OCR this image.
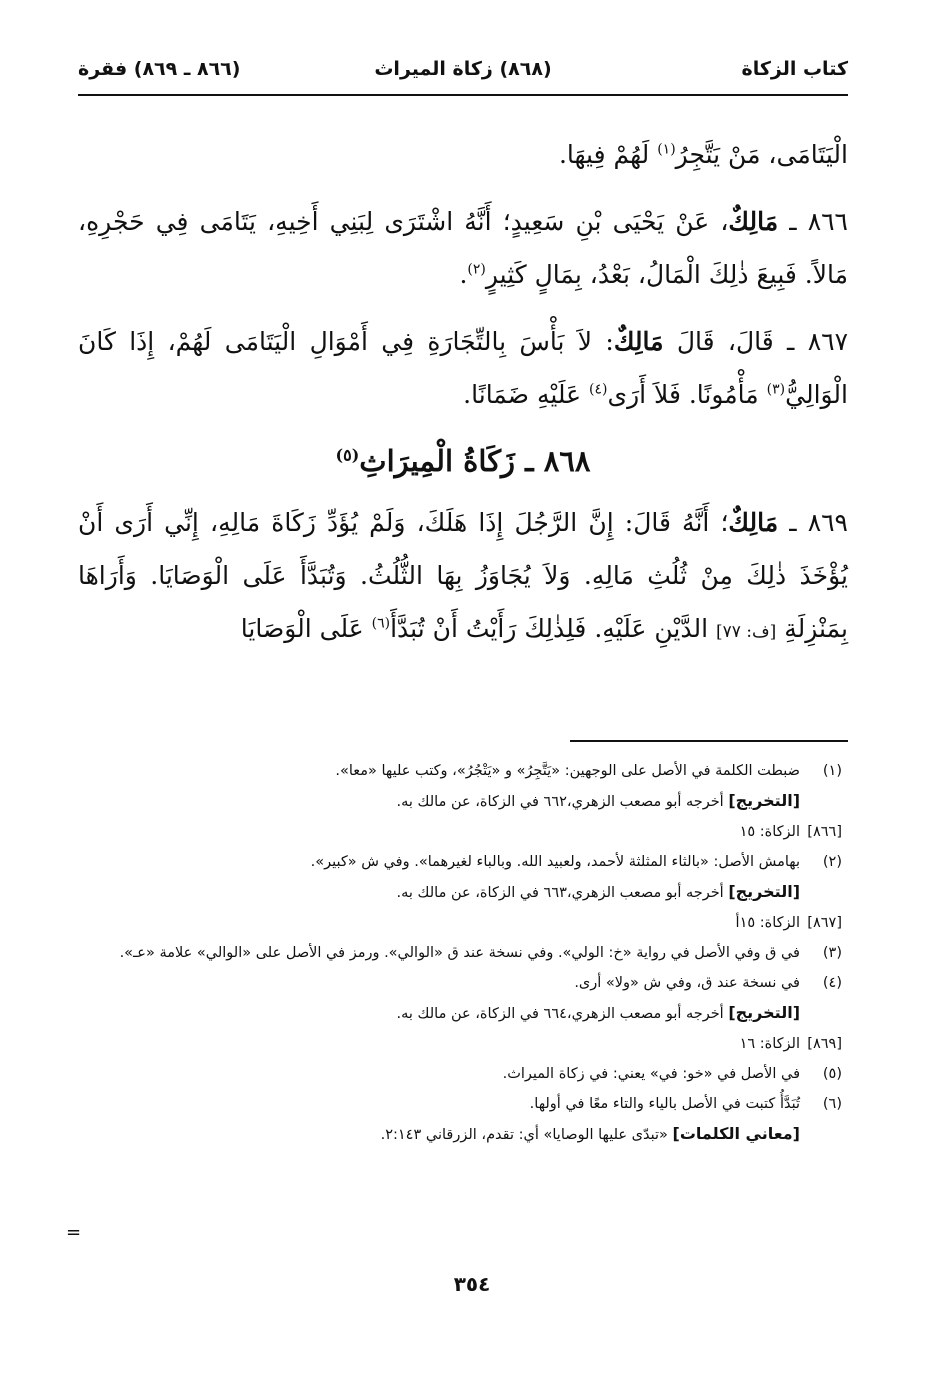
كتاب الزكاة
(٨٦٨) زكاة الميراث
(٨٦٦ ـ ٨٦٩) فقرة

الْيَتَامَى، مَنْ يَتَّجِرُ$^{(١)}$ لَهُمْ فِيهَا.

٨٦٦ ـ مَالِكٌ، عَنْ يَحْيَى بْنِ سَعِيدٍ؛ أَنَّهُ اشْتَرَى لِبَنِي أَخِيهِ، يَتَامَى فِي حَجْرِهِ، مَالاً. فَبِيعَ ذٰلِكَ الْمَالُ، بَعْدُ، بِمَالٍ كَثِيرٍ$^{(٢)}$.

٨٦٧ ـ قَالَ، قَالَ مَالِكٌ: لاَ بَأْسَ بِالتِّجَارَةِ فِي أَمْوَالِ الْيَتَامَى لَهُمْ، إِذَا كَانَ الْوَالِيُّ$^{(٣)}$ مَأْمُونًا. فَلاَ أَرَى$^{(٤)}$ عَلَيْهِ ضَمَانًا.

٨٦٨ ـ زَكَاةُ الْمِيرَاثِ$^{(٥)}$

٨٦٩ ـ مَالِكٌ؛ أَنَّهُ قَالَ: إِنَّ الرَّجُلَ إِذَا هَلَكَ، وَلَمْ يُؤَدِّ زَكَاةَ مَالِهِ، إِنِّي أَرَى أَنْ يُؤْخَذَ ذٰلِكَ مِنْ ثُلُثِ مَالِهِ. وَلاَ يُجَاوَزُ بِهَا الثُّلُثُ. وَتُبَدَّأَ عَلَى الْوَصَايَا. وَأَرَاهَا بِمَنْزِلَةِ [ف: ٧٧] الدَّيْنِ عَلَيْهِ. فَلِذٰلِكَ رَأَيْتُ أَنْ تُبَدَّأَ$^{(٦)}$ عَلَى الْوَصَايَا

(١)
ضبطت الكلمة في الأصل على الوجهين: «يَتَّجِرُ» و «يَتْجُرُ»، وكتب عليها «معا».
[التخريج] أخرجه أبو مصعب الزهري،٦٦٢ في الزكاة، عن مالك به.
[٨٦٦]
الزكاة: ١٥
(٢)
بهامش الأصل: «بالثاء المثلثة لأحمد، ولعبيد الله. وبالباء لغيرهما». وفي ش «كبير».
[التخريج] أخرجه أبو مصعب الزهري،٦٦٣ في الزكاة، عن مالك به.
[٨٦٧]
الزكاة: ١٥أ
(٣)
في ق وفي الأصل في رواية «خ: الولي». وفي نسخة عند ق «الوالي». ورمز في الأصل على «الوالي» علامة «عـ».
(٤)
في نسخة عند ق، وفي ش «ولا» أرى.
[التخريج] أخرجه أبو مصعب الزهري،٦٦٤ في الزكاة، عن مالك به.
[٨٦٩]
الزكاة: ١٦
(٥)
في الأصل في «خو: في» يعني: في زكاة الميراث.
(٦)
تُبَدَّأُ كتبت في الأصل بالياء والتاء معًا في أولها.
[معاني الكلمات] «تبدّى عليها الوصايا» أي: تقدم، الزرقاني ٢:١٤٣.
=
٣٥٤
